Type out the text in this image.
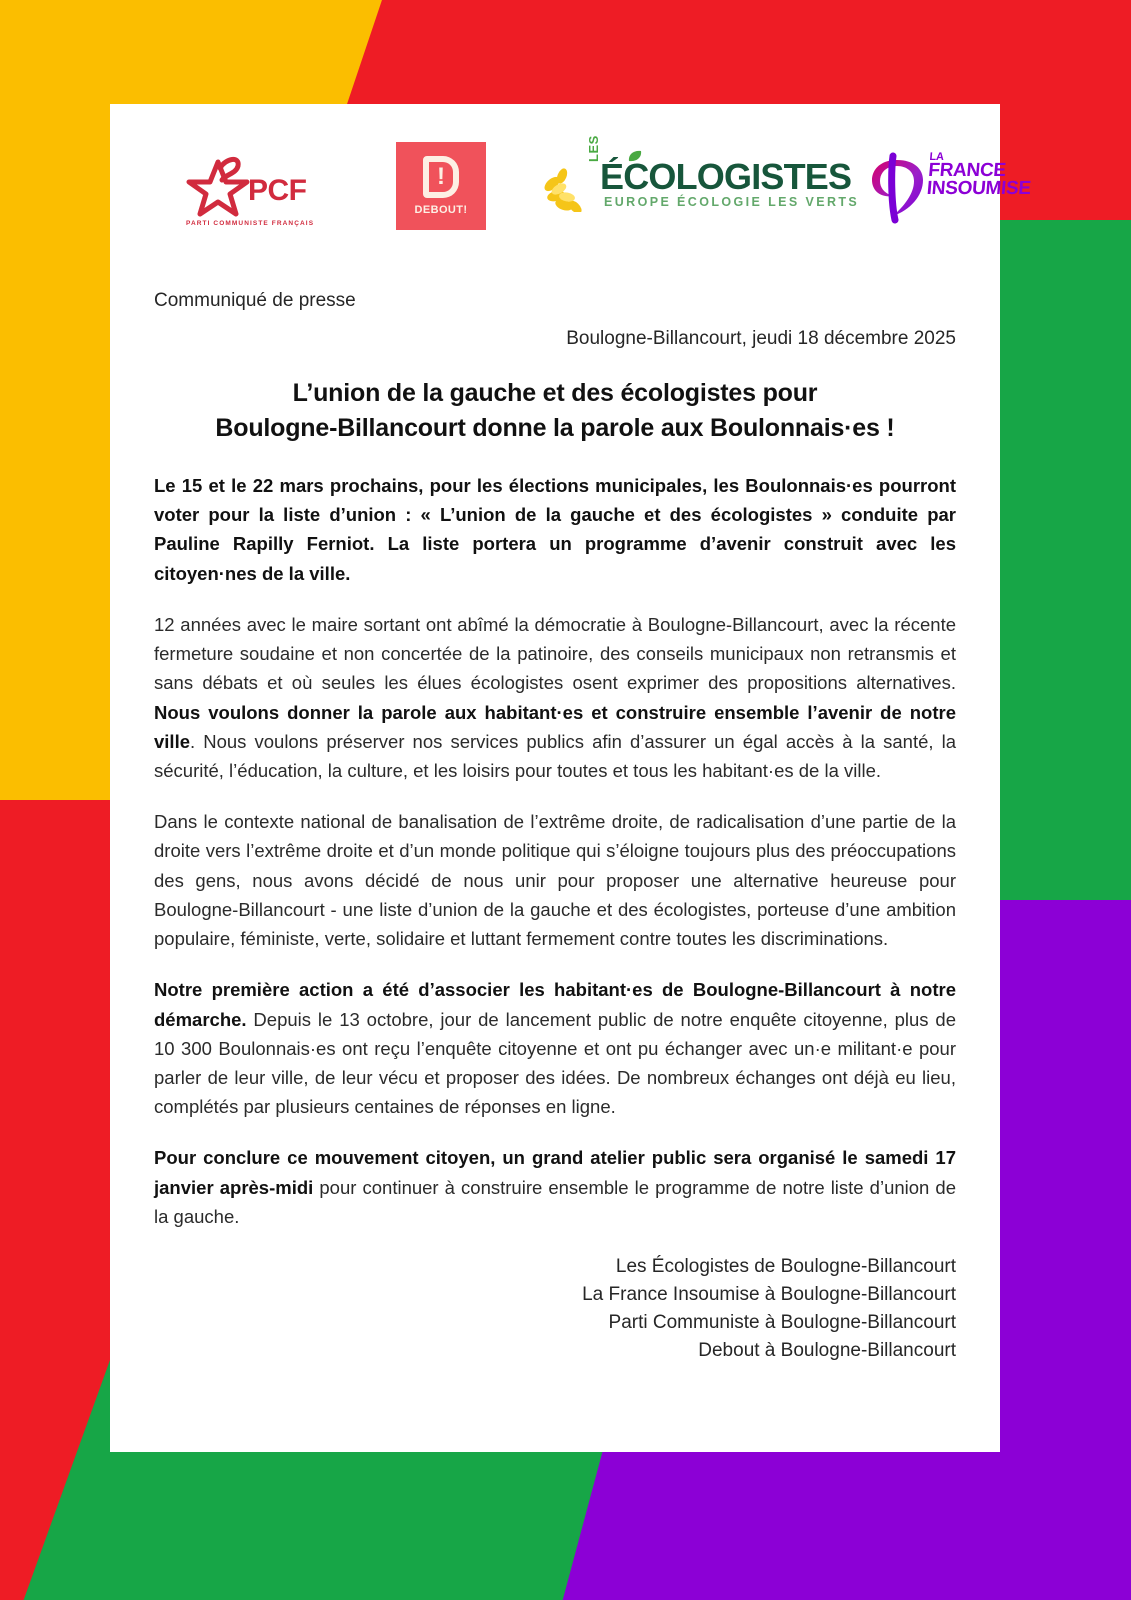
PCF
PARTI COMMUNISTE FRANÇAIS
!
DEBOUT!
LES
ÉCOLOGISTES
EUROPE ÉCOLOGIE LES VERTS
LA
FRANCE
INSOUMISE
Communiqué de presse
Boulogne-Billancourt, jeudi 18 décembre 2025
L’union de la gauche et des écologistes pour
Boulogne-Billancourt donne la parole aux Boulonnais·es !

Le 15 et le 22 mars prochains, pour les élections municipales, les Boulonnais·es pourront voter pour la liste d’union : « L’union de la gauche et des écologistes » conduite par Pauline Rapilly Ferniot. La liste portera un programme d’avenir construit avec les citoyen·nes de la ville.

12 années avec le maire sortant ont abîmé la démocratie à Boulogne-Billancourt, avec la récente fermeture soudaine et non concertée de la patinoire, des conseils municipaux non retransmis et sans débats et où seules les élues écologistes osent exprimer des propositions alternatives. Nous voulons donner la parole aux habitant·es et construire ensemble l’avenir de notre ville. Nous voulons préserver nos services publics afin d’assurer un égal accès à la santé, la sécurité, l’éducation, la culture, et les loisirs pour toutes et tous les habitant·es de la ville.

Dans le contexte national de banalisation de l’extrême droite, de radicalisation d’une partie de la droite vers l’extrême droite et d’un monde politique qui s’éloigne toujours plus des préoccupations des gens, nous avons décidé de nous unir pour proposer une alternative heureuse pour Boulogne-Billancourt - une liste d’union de la gauche et des écologistes, porteuse d’une ambition populaire, féministe, verte, solidaire et luttant fermement contre toutes les discriminations.

Notre première action a été d’associer les habitant·es de Boulogne-Billancourt à notre démarche. Depuis le 13 octobre, jour de lancement public de notre enquête citoyenne, plus de 10 300 Boulonnais·es ont reçu l’enquête citoyenne et ont pu échanger avec un·e militant·e pour parler de leur ville, de leur vécu et proposer des idées. De nombreux échanges ont déjà eu lieu, complétés par plusieurs centaines de réponses en ligne.

Pour conclure ce mouvement citoyen, un grand atelier public sera organisé le samedi 17 janvier après-midi pour continuer à construire ensemble le programme de notre liste d’union de la gauche.

Les Écologistes de Boulogne-Billancourt
La France Insoumise à Boulogne-Billancourt
Parti Communiste à Boulogne-Billancourt
Debout à Boulogne-Billancourt
